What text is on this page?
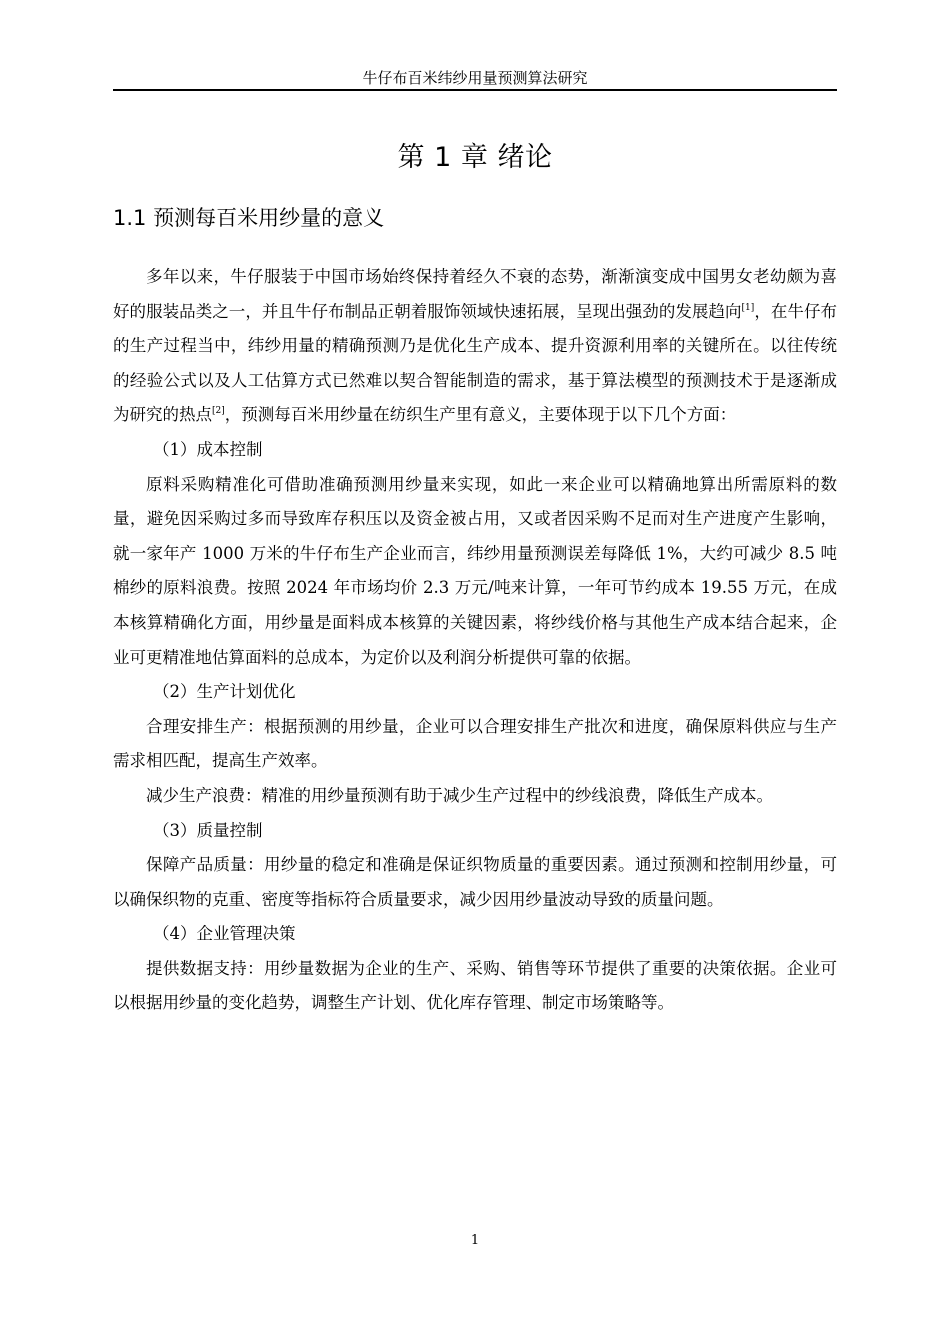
牛仔布百米纬纱用量预测算法研究
第 1 章 绪论
1.1 预测每百米用纱量的意义

多年以来，牛仔服装于中国市场始终保持着经久不衰的态势，渐渐演变成中国男女老幼颇为喜好的服装品类之一，并且牛仔布制品正朝着服饰领域快速拓展，呈现出强劲的发展趋向[1]，在牛仔布的生产过程当中，纬纱用量的精确预测乃是优化生产成本、提升资源利用率的关键所在。以往传统的经验公式以及人工估算方式已然难以契合智能制造的需求，基于算法模型的预测技术于是逐渐成为研究的热点[2]，预测每百米用纱量在纺织生产里有意义，主要体现于以下几个方面：

（1）成本控制

原料采购精准化可借助准确预测用纱量来实现，如此一来企业可以精确地算出所需原料的数量，避免因采购过多而导致库存积压以及资金被占用，又或者因采购不足而对生产进度产生影响，就一家年产 1000 万米的牛仔布生产企业而言，纬纱用量预测误差每降低 1%，大约可减少 8.5 吨棉纱的原料浪费。按照 2024 年市场均价 2.3 万元/吨来计算，一年可节约成本 19.55 万元，在成本核算精确化方面，用纱量是面料成本核算的关键因素，将纱线价格与其他生产成本结合起来，企业可更精准地估算面料的总成本，为定价以及利润分析提供可靠的依据。

（2）生产计划优化

合理安排生产：根据预测的用纱量，企业可以合理安排生产批次和进度，确保原料供应与生产需求相匹配，提高生产效率。

减少生产浪费：精准的用纱量预测有助于减少生产过程中的纱线浪费，降低生产成本。

（3）质量控制

保障产品质量：用纱量的稳定和准确是保证织物质量的重要因素。通过预测和控制用纱量，可以确保织物的克重、密度等指标符合质量要求，减少因用纱量波动导致的质量问题。

（4）企业管理决策

提供数据支持：用纱量数据为企业的生产、采购、销售等环节提供了重要的决策依据。企业可以根据用纱量的变化趋势，调整生产计划、优化库存管理、制定市场策略等。

1
